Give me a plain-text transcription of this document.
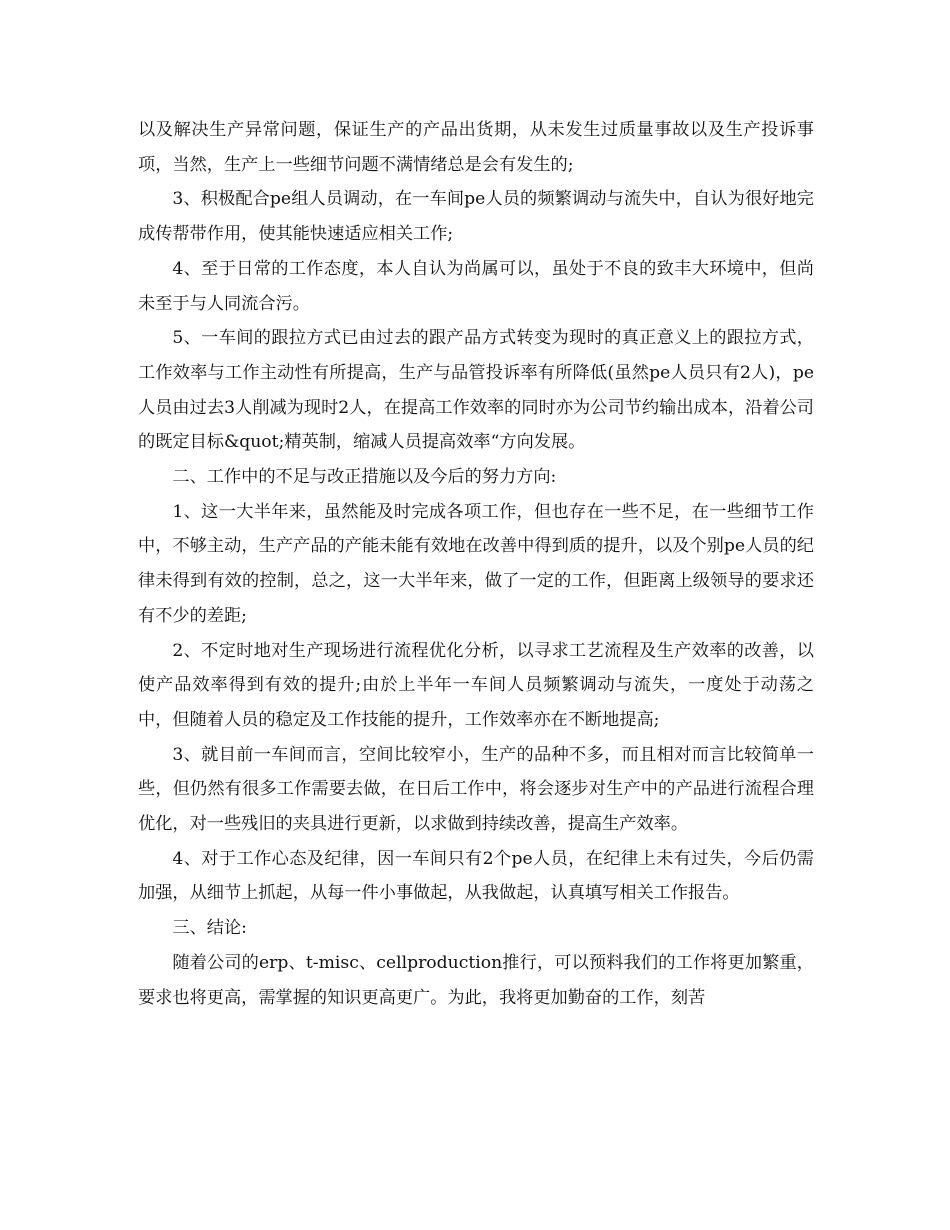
以及解决生产异常问题，保证生产的产品出货期，从未发生过质量事故以及生产投诉事项，当然，生产上一些细节问题不满情绪总是会有发生的;

3、积极配合pe组人员调动，在一车间pe人员的频繁调动与流失中，自认为很好地完成传帮带作用，使其能快速适应相关工作;

4、至于日常的工作态度，本人自认为尚属可以，虽处于不良的致丰大环境中，但尚未至于与人同流合污。

5、一车间的跟拉方式已由过去的跟产品方式转变为现时的真正意义上的跟拉方式，工作效率与工作主动性有所提高，生产与品管投诉率有所降低(虽然pe人员只有2人)，pe人员由过去3人削减为现时2人，在提高工作效率的同时亦为公司节约输出成本，沿着公司的既定目标&quot;精英制，缩减人员提高效率“方向发展。

二、工作中的不足与改正措施以及今后的努力方向:

1、这一大半年来，虽然能及时完成各项工作，但也存在一些不足，在一些细节工作中，不够主动，生产产品的产能未能有效地在改善中得到质的提升，以及个别pe人员的纪律未得到有效的控制，总之，这一大半年来，做了一定的工作，但距离上级领导的要求还有不少的差距;

2、不定时地对生产现场进行流程优化分析，以寻求工艺流程及生产效率的改善，以使产品效率得到有效的提升;由於上半年一车间人员频繁调动与流失，一度处于动荡之中，但随着人员的稳定及工作技能的提升，工作效率亦在不断地提高;

3、就目前一车间而言，空间比较窄小，生产的品种不多，而且相对而言比较简单一些，但仍然有很多工作需要去做，在日后工作中，将会逐步对生产中的产品进行流程合理优化，对一些残旧的夹具进行更新，以求做到持续改善，提高生产效率。

4、对于工作心态及纪律，因一车间只有2个pe人员，在纪律上未有过失，今后仍需加强，从细节上抓起，从每一件小事做起，从我做起，认真填写相关工作报告。

三、结论:

随着公司的erp、t-misc、cellproduction推行，可以预料我们的工作将更加繁重，要求也将更高，需掌握的知识更高更广。为此，我将更加勤奋的工作，刻苦
